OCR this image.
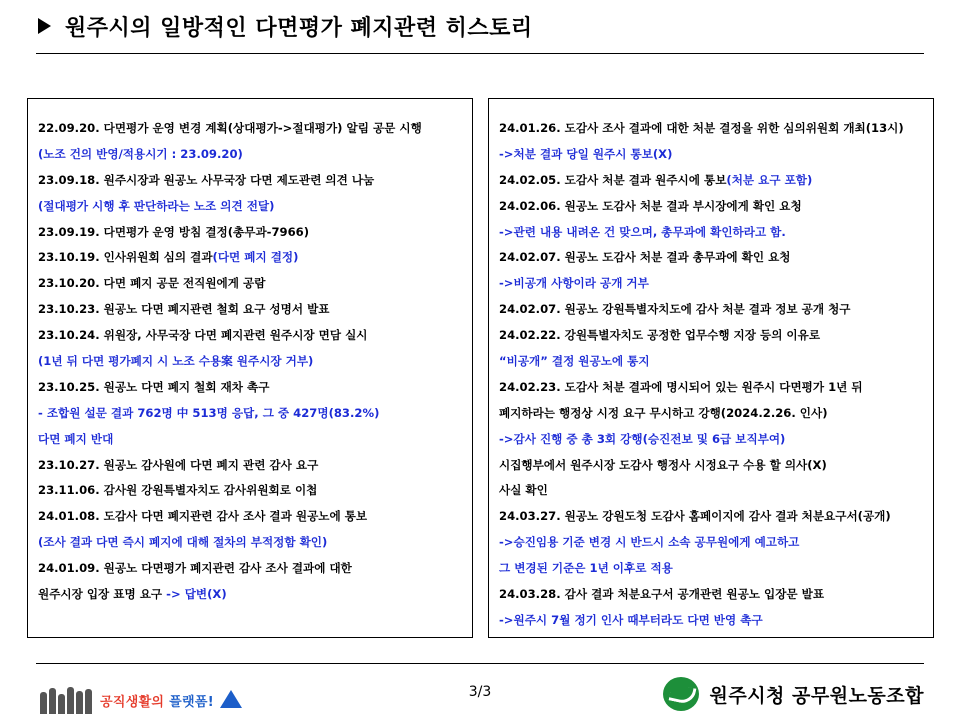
원주시의 일방적인 다면평가 폐지관련 히스토리
22.09.20. 다면평가 운영 변경 계획(상대평가->절대평가) 알림 공문 시행
(노조 건의 반영/적용시기 : 23.09.20)
23.09.18. 원주시장과 원공노 사무국장 다면 제도관련 의견 나눔
(절대평가 시행 후 판단하라는 노조 의견 전달)
23.09.19. 다면평가 운영 방침 결정(총무과-7966)
23.10.19. 인사위원회 심의 결과(다면 폐지 결정)
23.10.20. 다면 폐지 공문 전직원에게 공람
23.10.23. 원공노 다면 폐지관련 철회 요구 성명서 발표
23.10.24. 위원장, 사무국장 다면 폐지관련 원주시장 면담 실시
(1년 뒤 다면 평가폐지 시 노조 수용案 원주시장 거부)
23.10.25. 원공노 다면 폐지 철회 재차 촉구
- 조합원 설문 결과 762명 中 513명 응답, 그 중 427명(83.2%)
다면 폐지 반대
23.10.27. 원공노 감사원에 다면 폐지 관련 감사 요구
23.11.06. 감사원 강원특별자치도 감사위원회로 이첩
24.01.08. 도감사 다면 폐지관련 감사 조사 결과 원공노에 통보
(조사 결과 다면 즉시 폐지에 대해 절차의 부적정함 확인)
24.01.09. 원공노 다면평가 폐지관련 감사 조사 결과에 대한
원주시장 입장 표명 요구 -> 답변(X)
24.01.26. 도감사 조사 결과에 대한 처분 결정을 위한 심의위원회 개최(13시)
->처분 결과 당일 원주시 통보(X)
24.02.05. 도감사 처분 결과 원주시에 통보(처분 요구 포함)
24.02.06. 원공노 도감사 처분 결과 부시장에게 확인 요청
->관련 내용 내려온 건 맞으며, 총무과에 확인하라고 함.
24.02.07. 원공노 도감사 처분 결과 총무과에 확인 요청
->비공개 사항이라 공개 거부
24.02.07. 원공노 강원특별자치도에 감사 처분 결과 정보 공개 청구
24.02.22. 강원특별자치도 공정한 업무수행 지장 등의 이유로
“비공개” 결정 원공노에 통지
24.02.23. 도감사 처분 결과에 명시되어 있는 원주시 다면평가 1년 뒤
폐지하라는 행정상 시정 요구 무시하고 강행(2024.2.26. 인사)
->감사 진행 중 총 3회 강행(승진전보 및 6급 보직부여)
시집행부에서 원주시장 도감사 행정사 시정요구 수용 할 의사(X)
사실 확인
24.03.27. 원공노 강원도청 도감사 홈페이지에 감사 결과 처분요구서(공개)
->승진임용 기준 변경 시 반드시 소속 공무원에게 예고하고
그 변경된 기준은 1년 이후로 적용
24.03.28. 감사 결과 처분요구서 공개관련 원공노 입장문 발표
->원주시 7월 정기 인사 때부터라도 다면 반영 촉구
공직생활의 플랫폼!
3/3	원주시청 공무원노동조합
